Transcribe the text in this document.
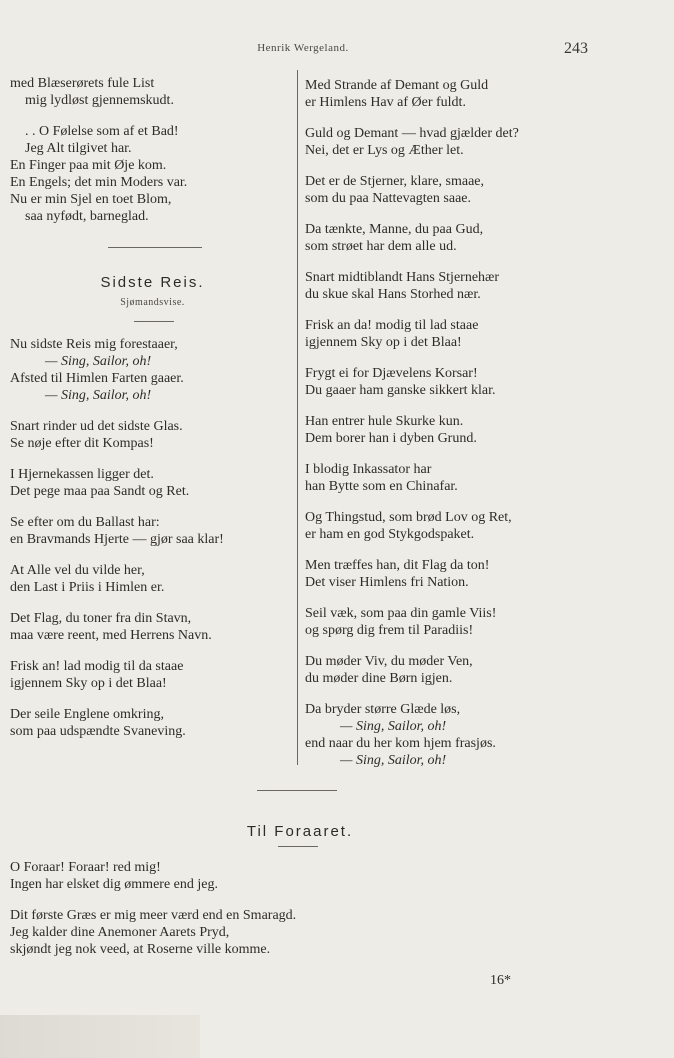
Henrik Wergeland.	243
med Blæserørets fule List
mig lydløst gjennemskudt.
. . O Følelse som af et Bad!
Jeg Alt tilgivet har.
En Finger paa mit Øje kom.
En Engels; det min Moders var.
Nu er min Sjel en toet Blom,
saa nyfødt, barneglad.
Sidste Reis.
Sjømandsvise.
Nu sidste Reis mig forestaaer,
— Sing, Sailor, oh!
Afsted til Himlen Farten gaaer.
— Sing, Sailor, oh!
Snart rinder ud det sidste Glas.
Se nøje efter dit Kompas!
I Hjernekassen ligger det.
Det pege maa paa Sandt og Ret.
Se efter om du Ballast har:
en Bravmands Hjerte — gjør saa klar!
At Alle vel du vilde her,
den Last i Priis i Himlen er.
Det Flag, du toner fra din Stavn,
maa være reent, med Herrens Navn.
Frisk an! lad modig til da staae
igjennem Sky op i det Blaa!
Der seile Englene omkring,
som paa udspændte Svaneving.
Med Strande af Demant og Guld
er Himlens Hav af Øer fuldt.
Guld og Demant — hvad gjælder det?
Nei, det er Lys og Æther let.
Det er de Stjerner, klare, smaae,
som du paa Nattevagten saae.
Da tænkte, Manne, du paa Gud,
som strøet har dem alle ud.
Snart midtiblandt Hans Stjernehær
du skue skal Hans Storhed nær.
Frisk an da! modig til lad staae
igjennem Sky op i det Blaa!
Frygt ei for Djævelens Korsar!
Du gaaer ham ganske sikkert klar.
Han entrer hule Skurke kun.
Dem borer han i dyben Grund.
I blodig Inkassator har
han Bytte som en Chinafar.
Og Thingstud, som brød Lov og Ret,
er ham en god Stykgodspaket.
Men træffes han, dit Flag da ton!
Det viser Himlens fri Nation.
Seil væk, som paa din gamle Viis!
og spørg dig frem til Paradiis!
Du møder Viv, du møder Ven,
du møder dine Børn igjen.
Da bryder større Glæde løs,
— Sing, Sailor, oh!
end naar du her kom hjem frasjøs.
— Sing, Sailor, oh!
Til Foraaret.
O Foraar! Foraar! red mig!
Ingen har elsket dig ømmere end jeg.
Dit første Græs er mig meer værd end en Smaragd.
Jeg kalder dine Anemoner Aarets Pryd,
skjøndt jeg nok veed, at Roserne ville komme.
16*
